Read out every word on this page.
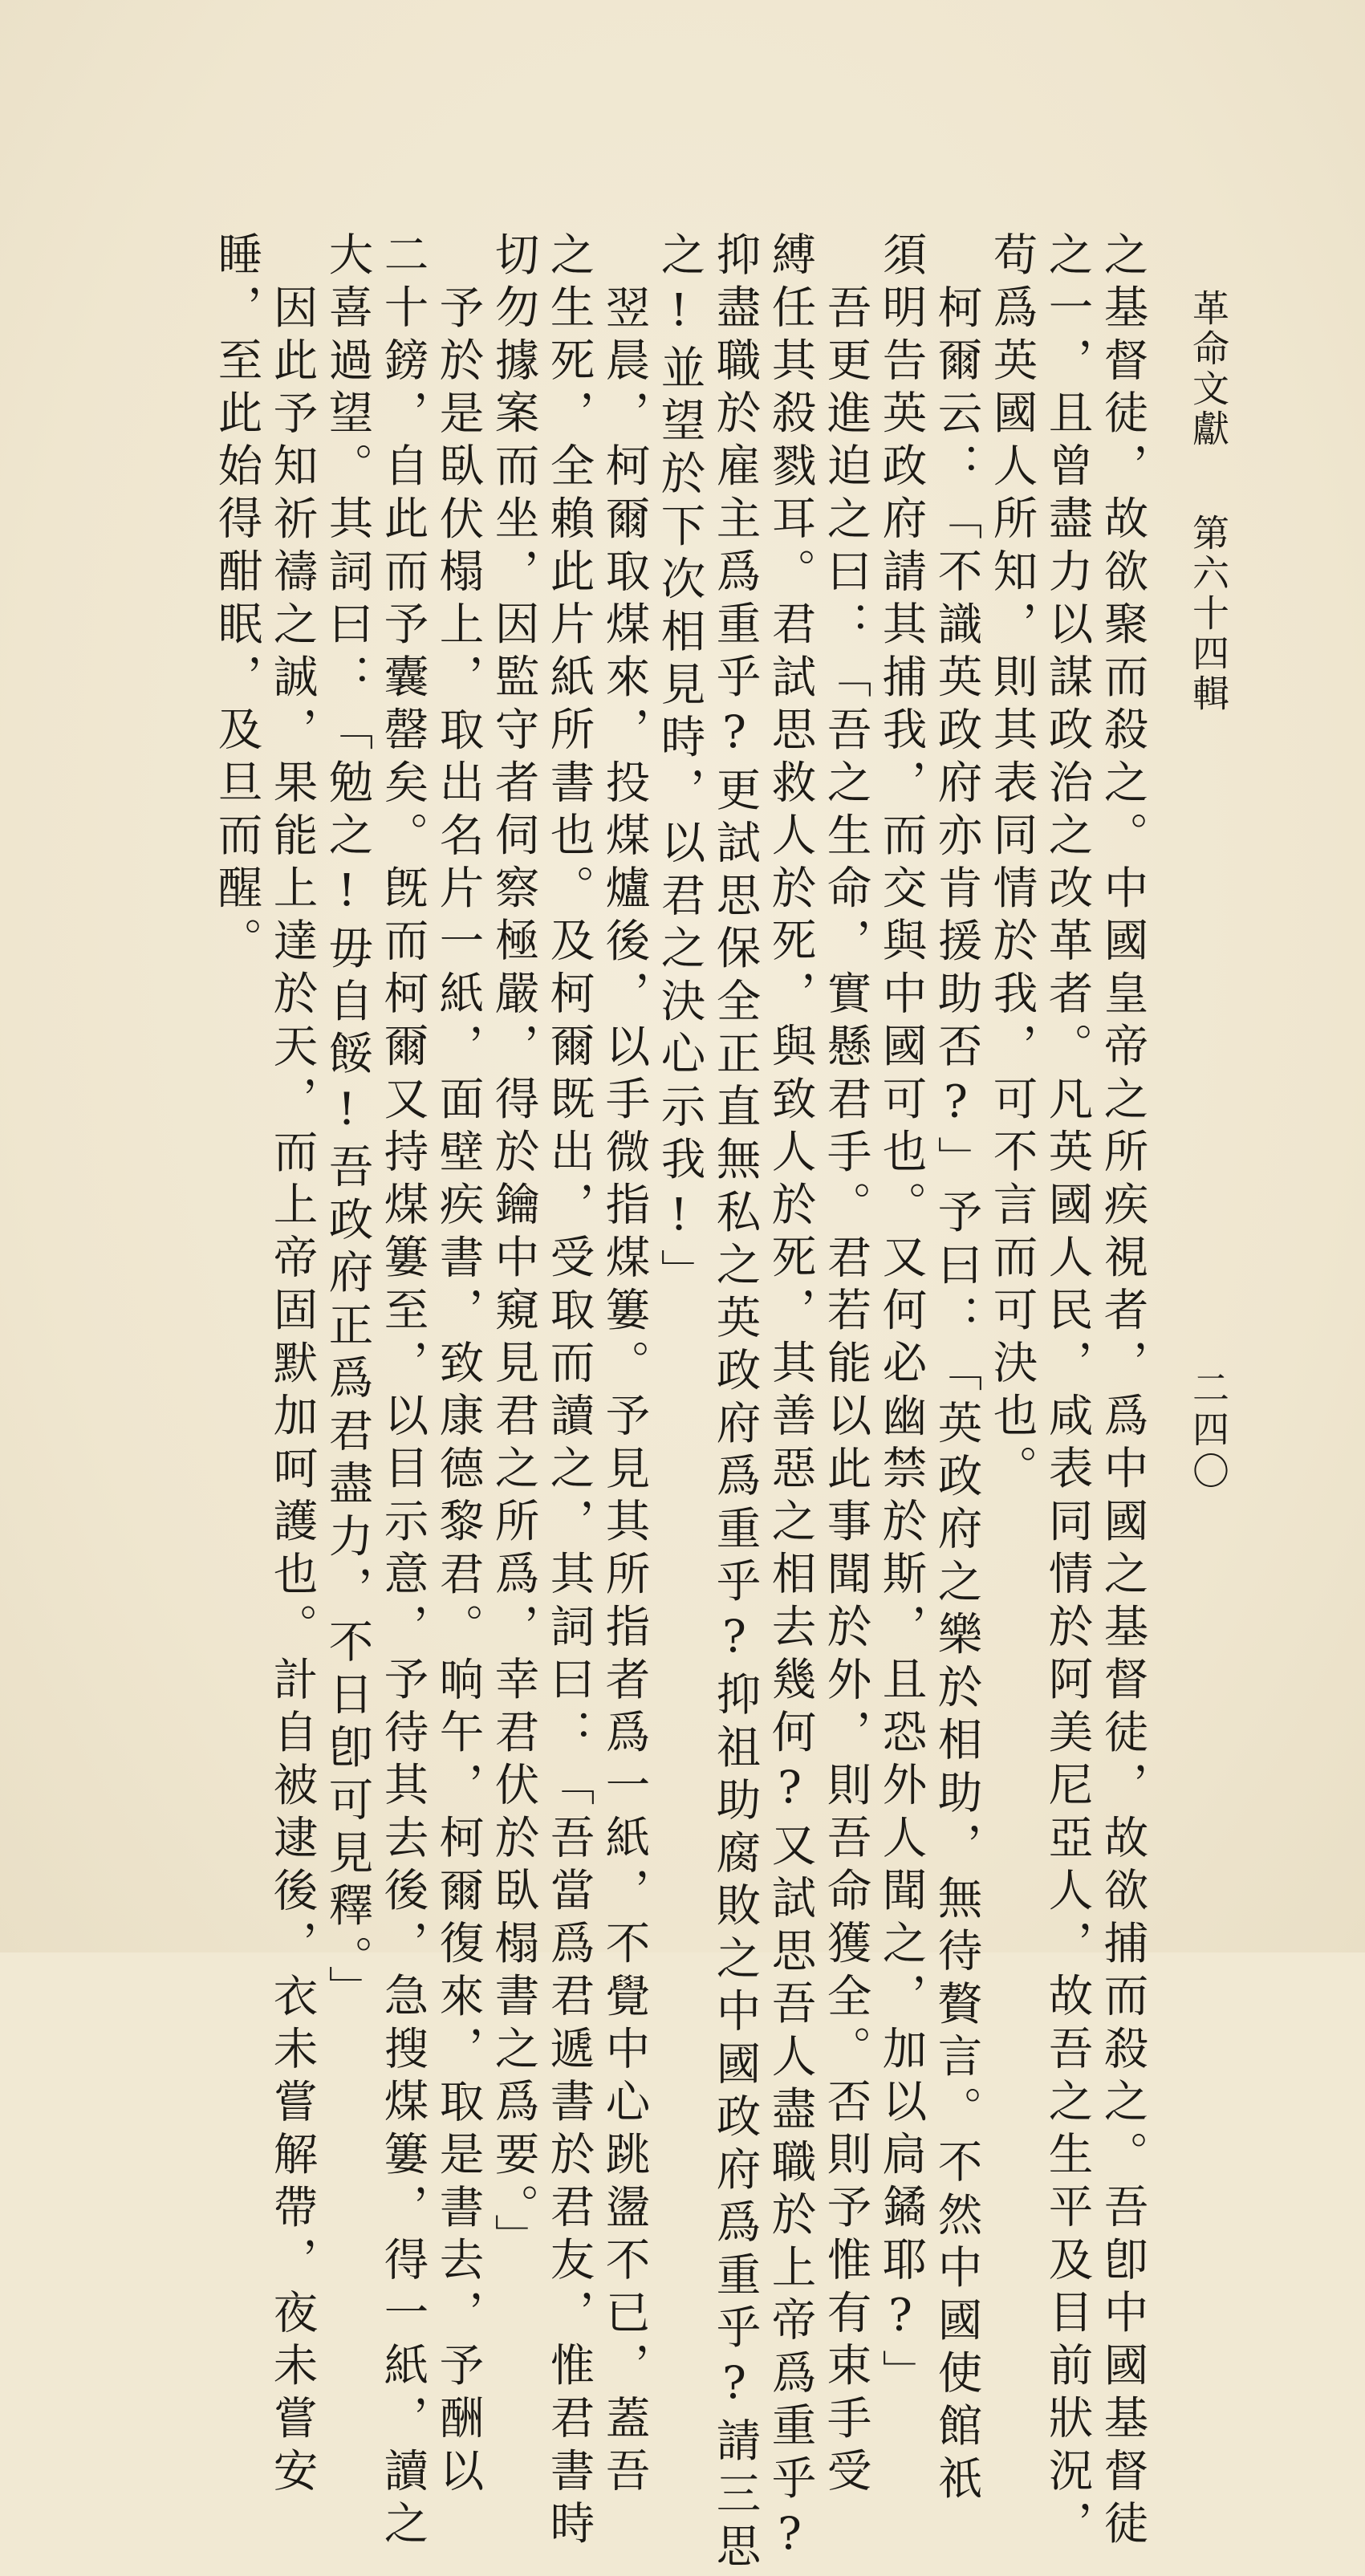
革命文獻
第六十四輯
二四〇
之基督徒，故欲聚而殺之。中國皇帝之所疾視者，爲中國之基督徒，故欲捕而殺之。吾卽中國基督徒
之一，且曾盡力以謀政治之改革者。凡英國人民，咸表同情於阿美尼亞人，故吾之生平及目前狀況，
苟爲英國人所知，則其表同情於我，可不言而可決也。
柯爾云：「不識英政府亦肯援助否?」予曰：「英政府之樂於相助，無待贅言。不然中國使館祇
須明告英政府請其捕我，而交與中國可也。又何必幽禁於斯，且恐外人聞之，加以扃鐍耶?」
吾更進迫之曰：「吾之生命，實懸君手。君若能以此事聞於外，則吾命獲全。否則予惟有束手受
縛任其殺戮耳。君試思救人於死，與致人於死，其善惡之相去幾何?又試思吾人盡職於上帝爲重乎?
抑盡職於雇主爲重乎?更試思保全正直無私之英政府爲重乎?抑祖助腐敗之中國政府爲重乎?請三思
之!並望於下次相見時，以君之決心示我!」
翌晨，柯爾取煤來，投煤爐後，以手微指煤簍。予見其所指者爲一紙，不覺中心跳盪不已，蓋吾
之生死，全賴此片紙所書也。及柯爾既出，受取而讀之，其詞曰：「吾當爲君遞書於君友，惟君書時
切勿據案而坐，因監守者伺察極嚴，得於鑰中窺見君之所爲，幸君伏於臥榻書之爲要。」
予於是臥伏榻上，取出名片一紙，面壁疾書，致康德黎君。晌午，柯爾復來，取是書去，予酬以
二十鎊，自此而予囊罄矣。旣而柯爾又持煤簍至，以目示意，予待其去後，急搜煤簍，得一紙，讀之
大喜過望。其詞曰：「勉之!毋自餒!吾政府正爲君盡力，不日卽可見釋。」
因此予知祈禱之誠，果能上達於天，而上帝固默加呵護也。計自被逮後，衣未嘗解帶，夜未嘗安
睡，至此始得酣眠，及旦而醒。
